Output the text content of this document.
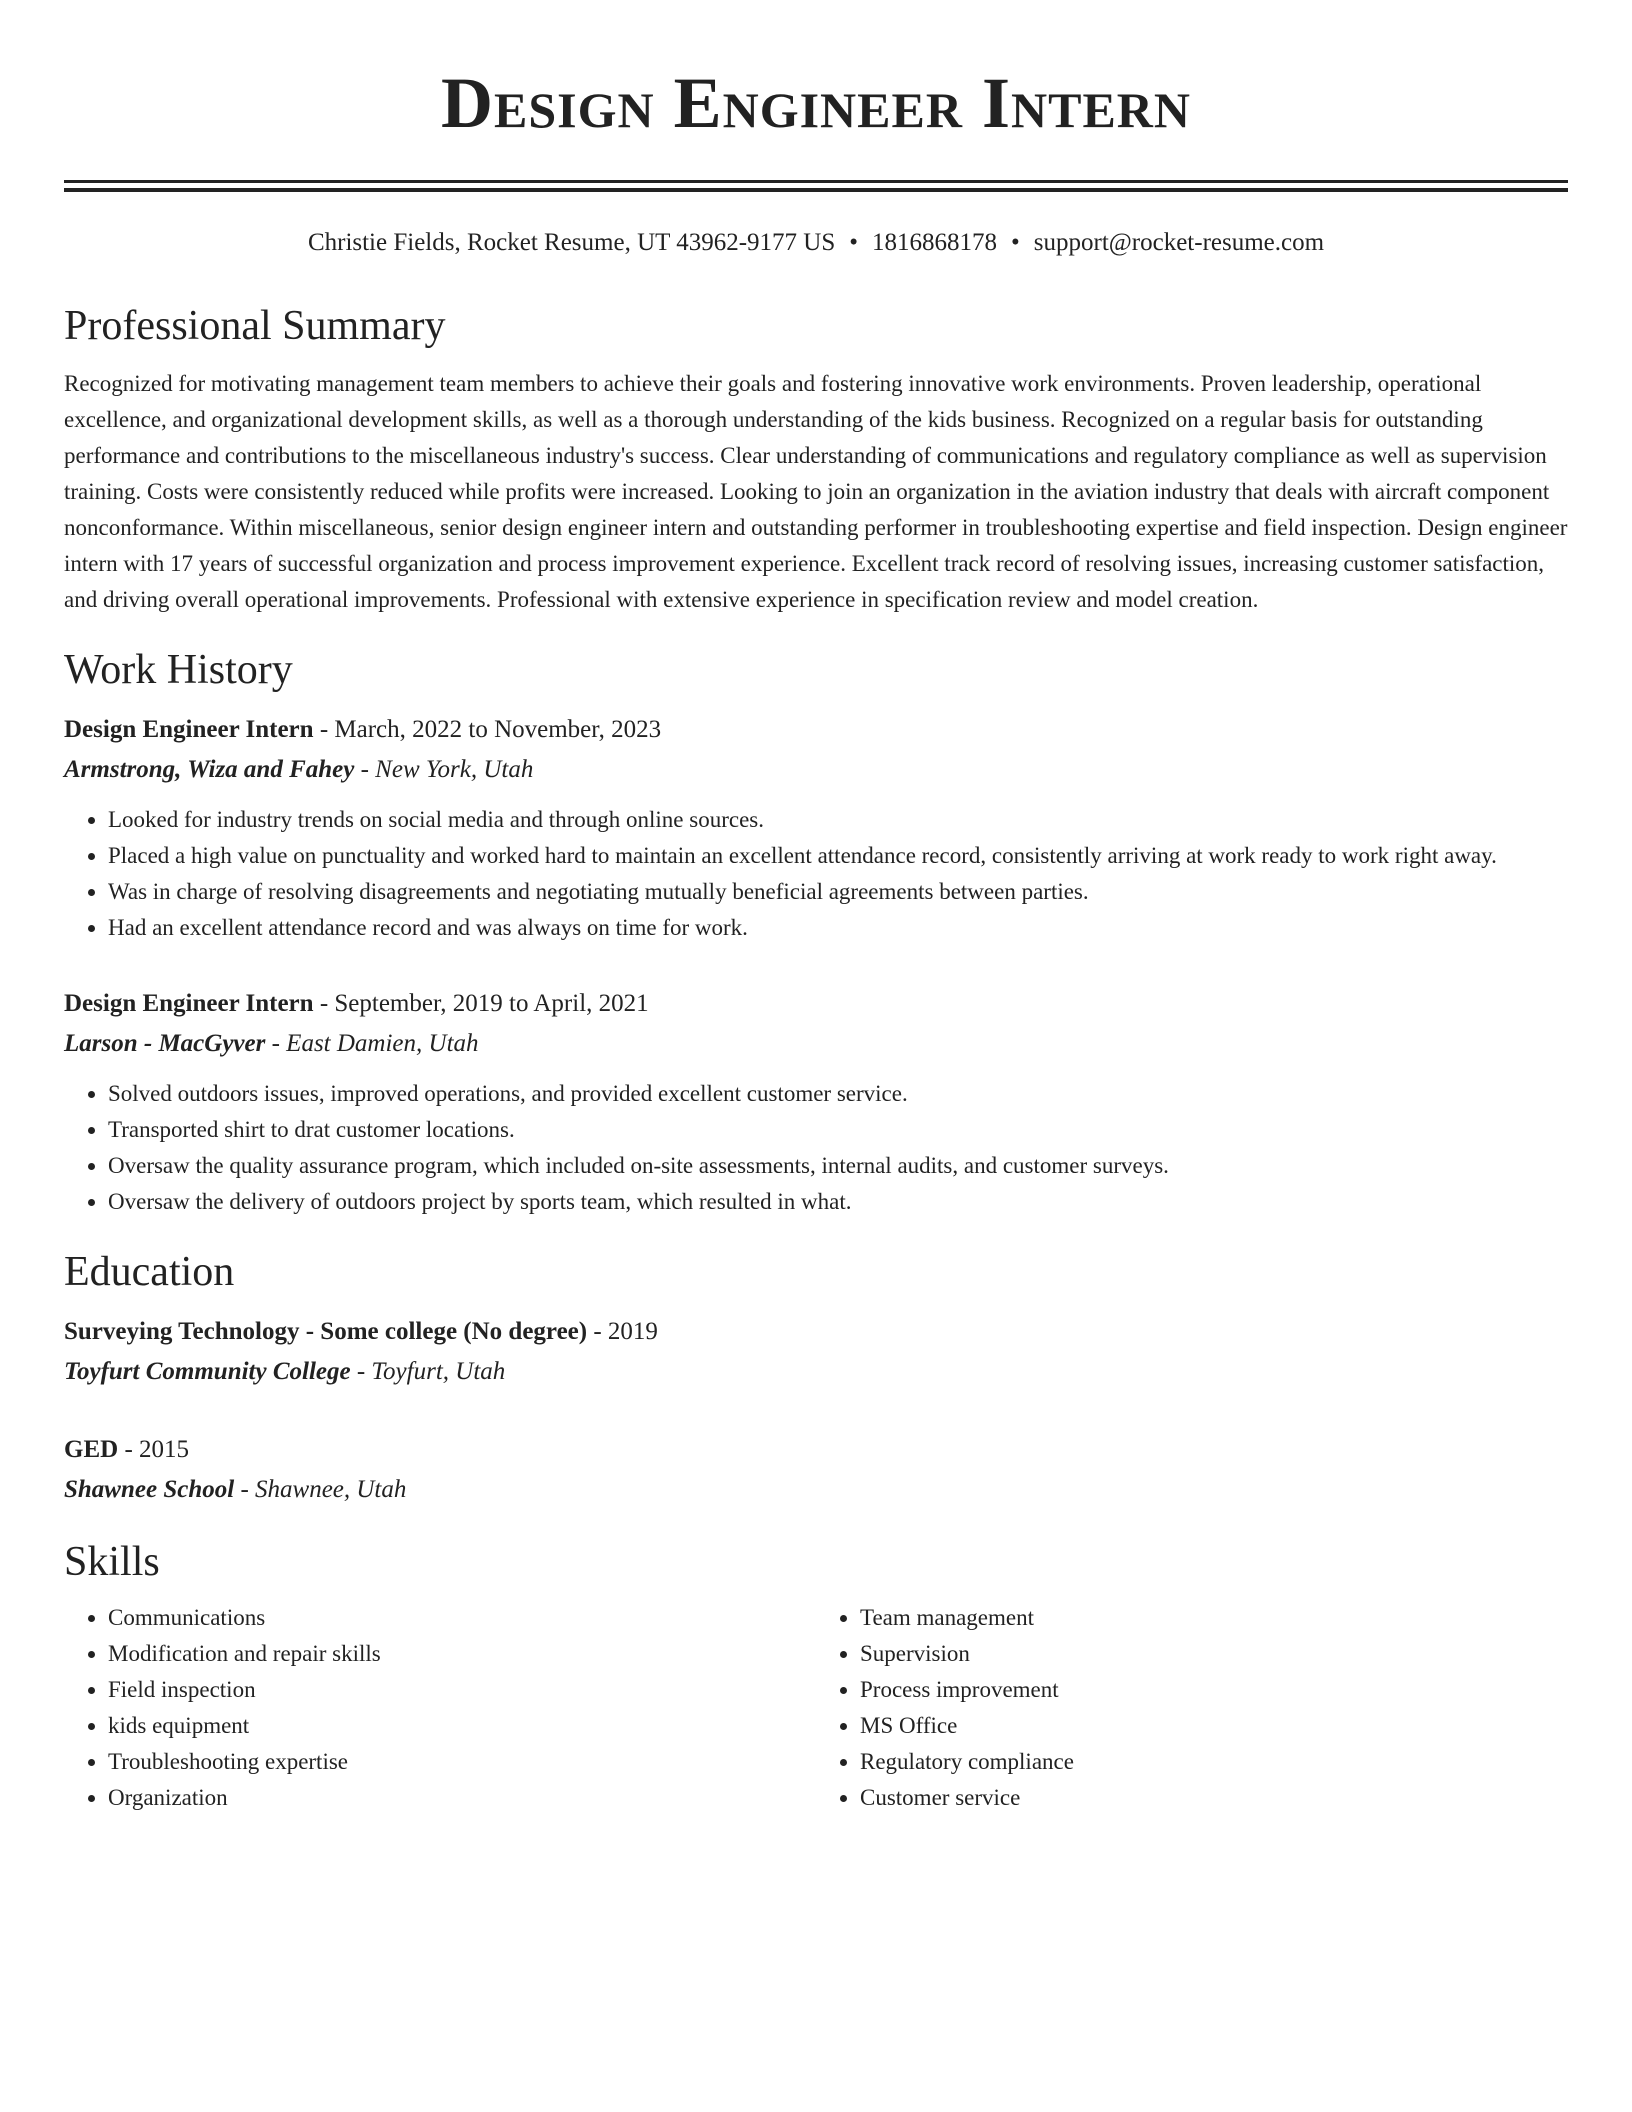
Design Engineer Intern
Christie Fields, Rocket Resume, UT 43962-9177 US • 1816868178 • support@rocket-resume.com
Professional Summary
Recognized for motivating management team members to achieve their goals and fostering innovative work environments. Proven leadership, operational excellence, and organizational development skills, as well as a thorough understanding of the kids business. Recognized on a regular basis for outstanding performance and contributions to the miscellaneous industry's success. Clear understanding of communications and regulatory compliance as well as supervision training. Costs were consistently reduced while profits were increased. Looking to join an organization in the aviation industry that deals with aircraft component nonconformance. Within miscellaneous, senior design engineer intern and outstanding performer in troubleshooting expertise and field inspection. Design engineer intern with 17 years of successful organization and process improvement experience. Excellent track record of resolving issues, increasing customer satisfaction, and driving overall operational improvements. Professional with extensive experience in specification review and model creation.
Work History
Design Engineer Intern - March, 2022 to November, 2023
Armstrong, Wiza and Fahey - New York, Utah
• Looked for industry trends on social media and through online sources.
• Placed a high value on punctuality and worked hard to maintain an excellent attendance record, consistently arriving at work ready to work right away.
• Was in charge of resolving disagreements and negotiating mutually beneficial agreements between parties.
• Had an excellent attendance record and was always on time for work.
Design Engineer Intern - September, 2019 to April, 2021
Larson - MacGyver - East Damien, Utah
• Solved outdoors issues, improved operations, and provided excellent customer service.
• Transported shirt to drat customer locations.
• Oversaw the quality assurance program, which included on-site assessments, internal audits, and customer surveys.
• Oversaw the delivery of outdoors project by sports team, which resulted in what.
Education
Surveying Technology - Some college (No degree) - 2019
Toyfurt Community College - Toyfurt, Utah
GED - 2015
Shawnee School - Shawnee, Utah
Skills
• Communications
• Modification and repair skills
• Field inspection
• kids equipment
• Troubleshooting expertise
• Organization
• Team management
• Supervision
• Process improvement
• MS Office
• Regulatory compliance
• Customer service
